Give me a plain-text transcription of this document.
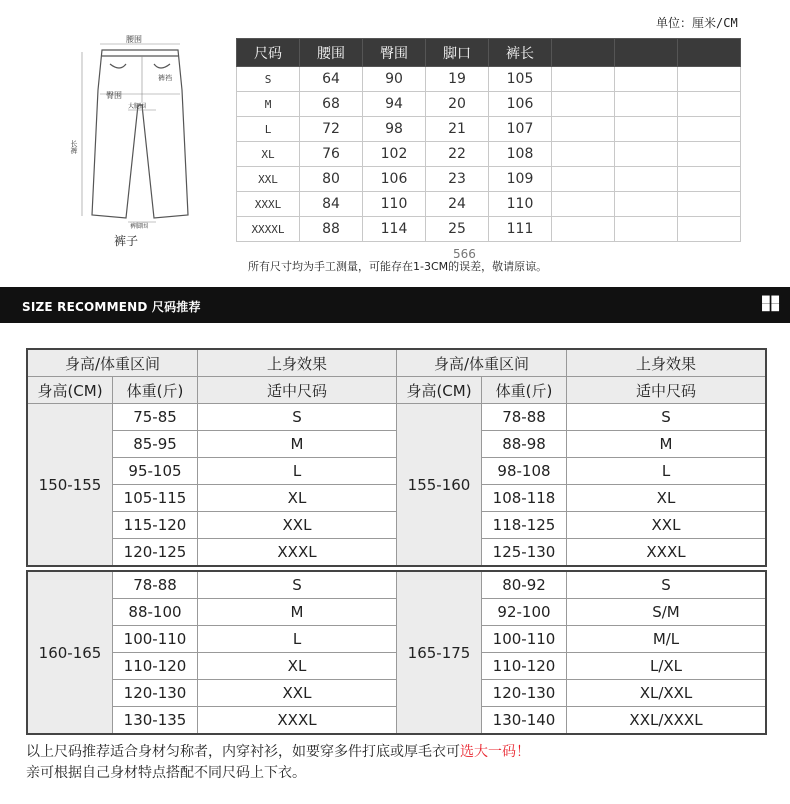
单位：厘米/CM
腰围
裤裆
臀围
大腿围
长裤
裤脚围
裤子
尺码	腰围	臀围	脚口	裤长			
S	64	90	19	105			
M	68	94	20	106			
L	72	98	21	107			
XL	76	102	22	108			
XXL	80	106	23	109			
XXXL	84	110	24	110			
XXXXL	88	114	25	111			
566
所有尺寸均为手工测量，可能存在1-3CM的误差，敬请原谅。
SIZE RECOMMEND 尺码推荐
■■
■■
身高/体重区间		上身效果	身高/体重区间		上身效果
身高(CM)	体重(斤)	适中尺码	身高(CM)	体重(斤)	适中尺码
150-155	75-85	S	155-160	78-88	S
	85-95	M		88-98	M
	95-105	L		98-108	L
	105-115	XL		108-118	XL
	115-120	XXL		118-125	XXL
	120-125	XXXL		125-130	XXXL
160-165	78-88	S	165-175	80-92	S
	88-100	M		92-100	S/M
	100-110	L		100-110	M/L
	110-120	XL		110-120	L/XL
	120-130	XXL		120-130	XL/XXL
	130-135	XXXL		130-140	XXL/XXXL
以上尺码推荐适合身材匀称者，内穿衬衫，如要穿多件打底或厚毛衣可选大一码！
亲可根据自己身材特点搭配不同尺码上下衣。
